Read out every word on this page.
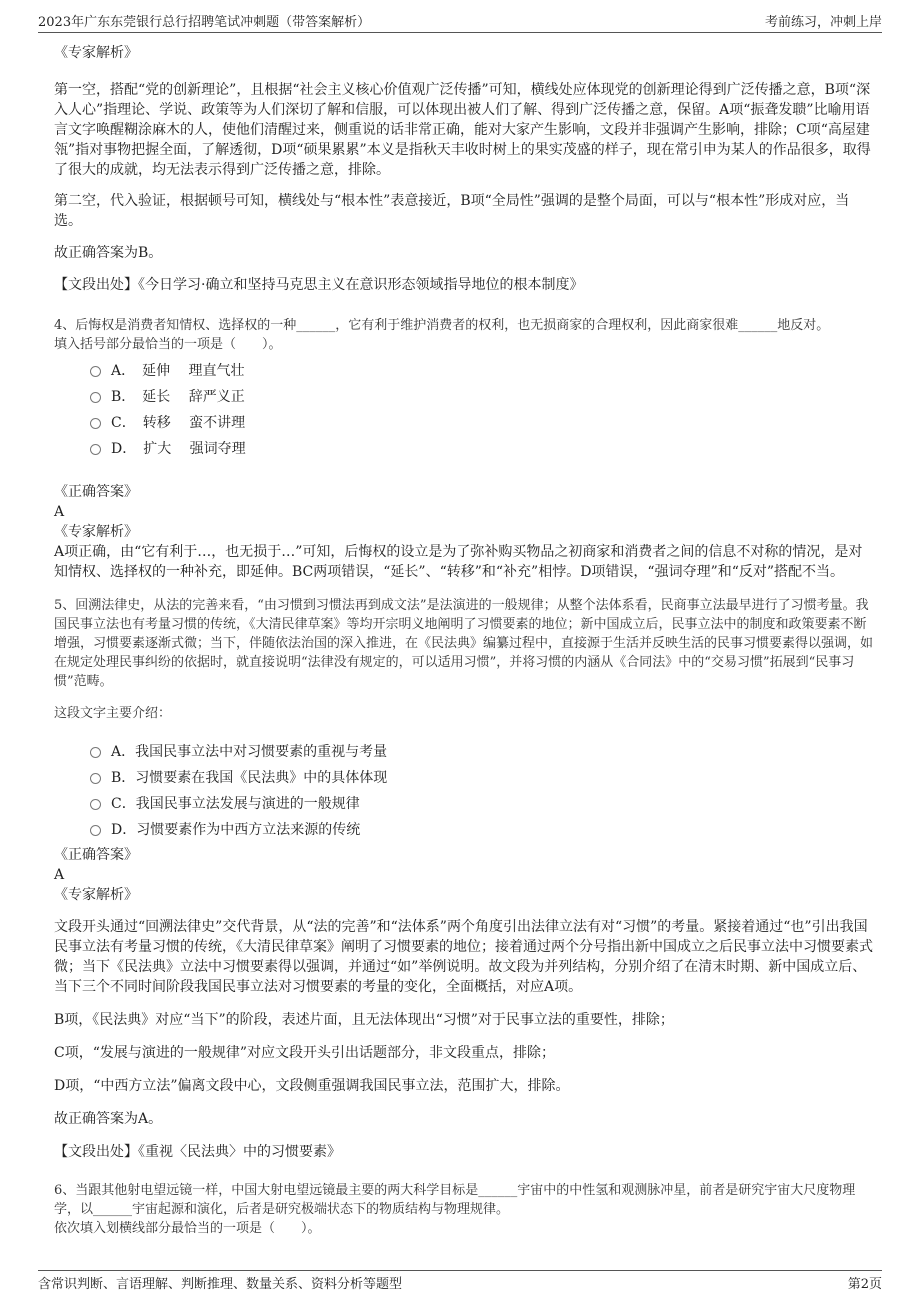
2023年广东东莞银行总行招聘笔试冲刺题（带答案解析）	考前练习，冲刺上岸

《专家解析》

第一空，搭配“党的创新理论”，且根据“社会主义核心价值观广泛传播”可知，横线处应体现党的创新理论得到广泛传播之意，B项“深入人心”指理论、学说、政策等为人们深切了解和信服，可以体现出被人们了解、得到广泛传播之意，保留。A项“振聋发聩”比喻用语言文字唤醒糊涂麻木的人，使他们清醒过来，侧重说的话非常正确，能对大家产生影响，文段并非强调产生影响，排除；C项“高屋建瓴”指对事物把握全面，了解透彻，D项“硕果累累”本义是指秋天丰收时树上的果实茂盛的样子，现在常引申为某人的作品很多，取得了很大的成就，均无法表示得到广泛传播之意，排除。

第二空，代入验证，根据顿号可知，横线处与“根本性”表意接近，B项“全局性”强调的是整个局面，可以与“根本性”形成对应，当选。

故正确答案为B。

【文段出处】《今日学习·确立和坚持马克思主义在意识形态领域指导地位的根本制度》

4、后悔权是消费者知情权、选择权的一种______，它有利于维护消费者的权利，也无损商家的合理权利，因此商家很难______地反对。

填入括号部分最恰当的一项是（　　）。

A．　延伸　 理直气壮
B．　延长　 辞严义正
C．　转移　 蛮不讲理
D．　扩大　 强词夺理

《正确答案》

A

《专家解析》

A项正确，由“它有利于…，也无损于…”可知，后悔权的设立是为了弥补购买物品之初商家和消费者之间的信息不对称的情况，是对知情权、选择权的一种补充，即延伸。BC两项错误，“延长”、“转移”和“补充”相悖。D项错误，“强词夺理”和“反对”搭配不当。

5、回溯法律史，从法的完善来看，“由习惯到习惯法再到成文法”是法演进的一般规律；从整个法体系看，民商事立法最早进行了习惯考量。我国民事立法也有考量习惯的传统，《大清民律草案》等均开宗明义地阐明了习惯要素的地位；新中国成立后，民事立法中的制度和政策要素不断增强，习惯要素逐渐式微；当下，伴随依法治国的深入推进，在《民法典》编纂过程中，直接源于生活并反映生活的民事习惯要素得以强调，如在规定处理民事纠纷的依据时，就直接说明“法律没有规定的，可以适用习惯”，并将习惯的内涵从《合同法》中的“交易习惯”拓展到“民事习惯”范畴。

这段文字主要介绍：

A．我国民事立法中对习惯要素的重视与考量
B．习惯要素在我国《民法典》中的具体体现
C．我国民事立法发展与演进的一般规律
D．习惯要素作为中西方立法来源的传统

《正确答案》

A

《专家解析》

文段开头通过“回溯法律史”交代背景，从“法的完善”和“法体系”两个角度引出法律立法有对“习惯”的考量。紧接着通过“也”引出我国民事立法有考量习惯的传统，《大清民律草案》阐明了习惯要素的地位；接着通过两个分号指出新中国成立之后民事立法中习惯要素式微；当下《民法典》立法中习惯要素得以强调，并通过“如”举例说明。故文段为并列结构，分别介绍了在清末时期、新中国成立后、当下三个不同时间阶段我国民事立法对习惯要素的考量的变化，全面概括，对应A项。

B项，《民法典》对应“当下”的阶段，表述片面，且无法体现出“习惯”对于民事立法的重要性，排除；

C项，“发展与演进的一般规律”对应文段开头引出话题部分，非文段重点，排除；

D项，“中西方立法”偏离文段中心，文段侧重强调我国民事立法，范围扩大，排除。

故正确答案为A。

【文段出处】《重视〈民法典〉中的习惯要素》

6、当跟其他射电望远镜一样，中国大射电望远镜最主要的两大科学目标是______宇宙中的中性氢和观测脉冲星，前者是研究宇宙大尺度物理学，以______宇宙起源和演化，后者是研究极端状态下的物质结构与物理规律。

依次填入划横线部分最恰当的一项是（　　）。

含常识判断、言语理解、判断推理、数量关系、资料分析等题型	第2页
